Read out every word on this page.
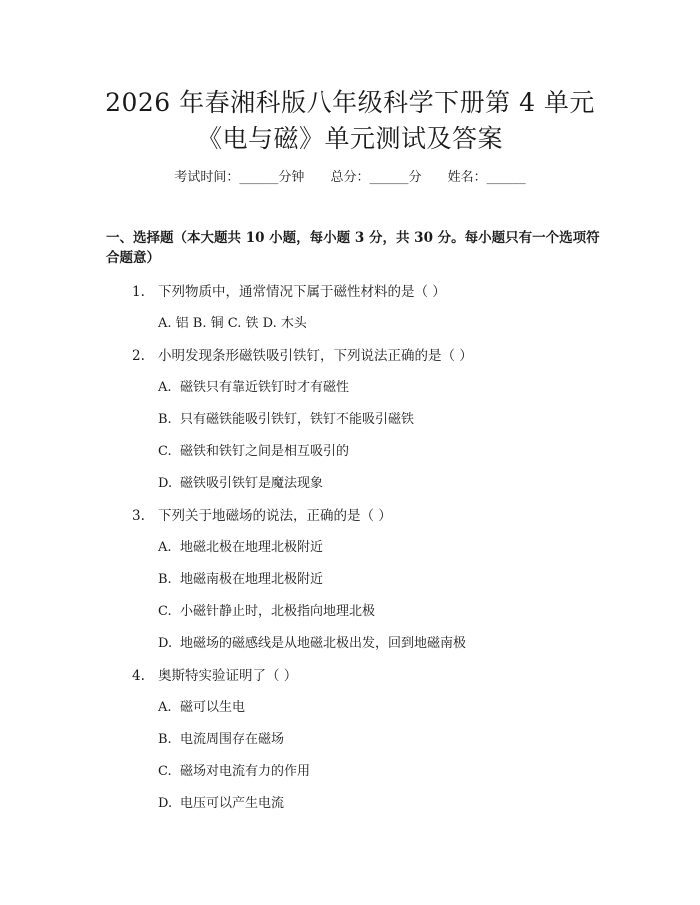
2026 年春湘科版八年级科学下册第 4 单元
《电与磁》单元测试及答案
考试时间：______分钟 总分：______分 姓名：______
一、选择题（本大题共 10 小题，每小题 3 分，共 30 分。每小题只有一个选项符
合题意）
1. 下列物质中，通常情况下属于磁性材料的是（ ）
A. 铝 B. 铜 C. 铁 D. 木头
2. 小明发现条形磁铁吸引铁钉，下列说法正确的是（ ）
A. 磁铁只有靠近铁钉时才有磁性
B. 只有磁铁能吸引铁钉，铁钉不能吸引磁铁
C. 磁铁和铁钉之间是相互吸引的
D. 磁铁吸引铁钉是魔法现象
3. 下列关于地磁场的说法，正确的是（ ）
A. 地磁北极在地理北极附近
B. 地磁南极在地理北极附近
C. 小磁针静止时，北极指向地理北极
D. 地磁场的磁感线是从地磁北极出发，回到地磁南极
4. 奥斯特实验证明了（ ）
A. 磁可以生电
B. 电流周围存在磁场
C. 磁场对电流有力的作用
D. 电压可以产生电流
